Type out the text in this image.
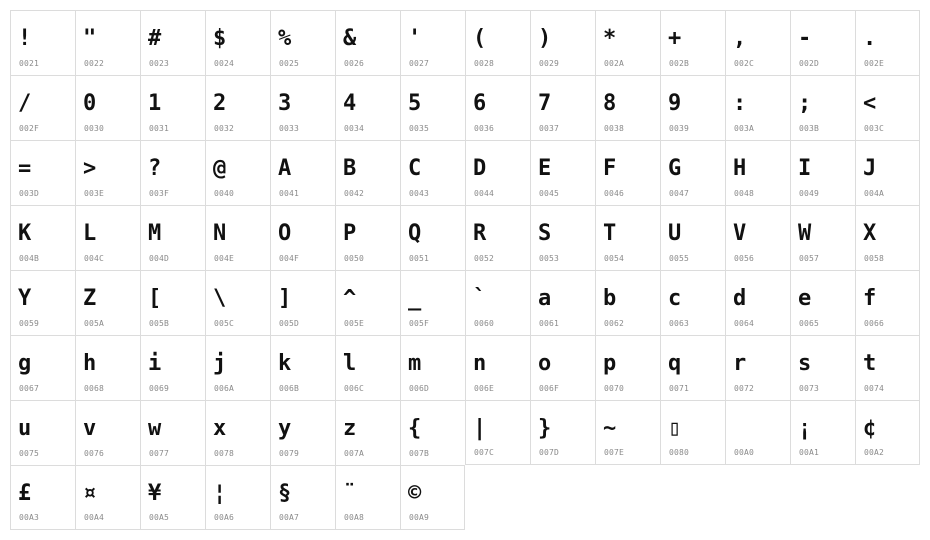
!
0021
"
0022
#
0023
$
0024
%
0025
&
0026
'
0027
(
0028
)
0029
*
002A
+
002B
,
002C
-
002D
.
002E
/
002F
0
0030
1
0031
2
0032
3
0033
4
0034
5
0035
6
0036
7
0037
8
0038
9
0039
:
003A
;
003B
<
003C
=
003D
>
003E
?
003F
@
0040
A
0041
B
0042
C
0043
D
0044
E
0045
F
0046
G
0047
H
0048
I
0049
J
004A
K
004B
L
004C
M
004D
N
004E
O
004F
P
0050
Q
0051
R
0052
S
0053
T
0054
U
0055
V
0056
W
0057
X
0058
Y
0059
Z
005A
[
005B
\
005C
]
005D
^
005E
_
005F
`
0060
a
0061
b
0062
c
0063
d
0064
e
0065
f
0066
g
0067
h
0068
i
0069
j
006A
k
006B
l
006C
m
006D
n
006E
o
006F
p
0070
q
0071
r
0072
s
0073
t
0074
u
0075
v
0076
w
0077
x
0078
y
0079
z
007A
{
007B
|
007C
}
007D
~
007E
▯
0080	00A0
¡
00A1
¢
00A2
£
00A3
¤
00A4
¥
00A5
¦
00A6
§
00A7
¨
00A8
©
00A9
